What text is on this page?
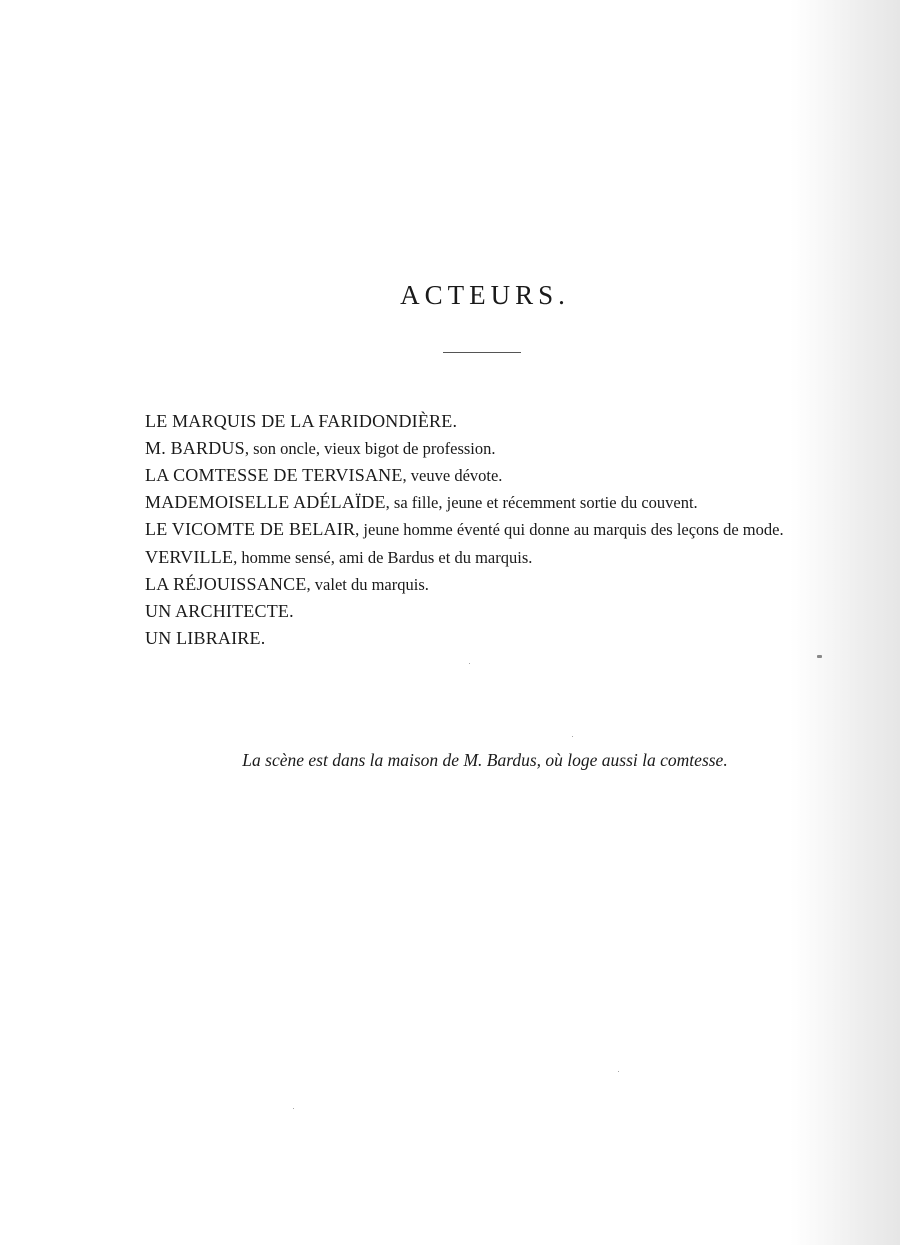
ACTEURS.
LE MARQUIS DE LA FARIDONDIÈRE.
M. BARDUS, son oncle, vieux bigot de profession.
LA COMTESSE DE TERVISANE, veuve dévote.
MADEMOISELLE ADÉLAÏDE, sa fille, jeune et récemment sortie du couvent.
LE VICOMTE DE BELAIR, jeune homme éventé qui donne au marquis des leçons de mode.
VERVILLE, homme sensé, ami de Bardus et du marquis.
LA RÉJOUISSANCE, valet du marquis.
UN ARCHITECTE.
UN LIBRAIRE.

La scène est dans la maison de M. Bardus, où loge aussi la comtesse.
